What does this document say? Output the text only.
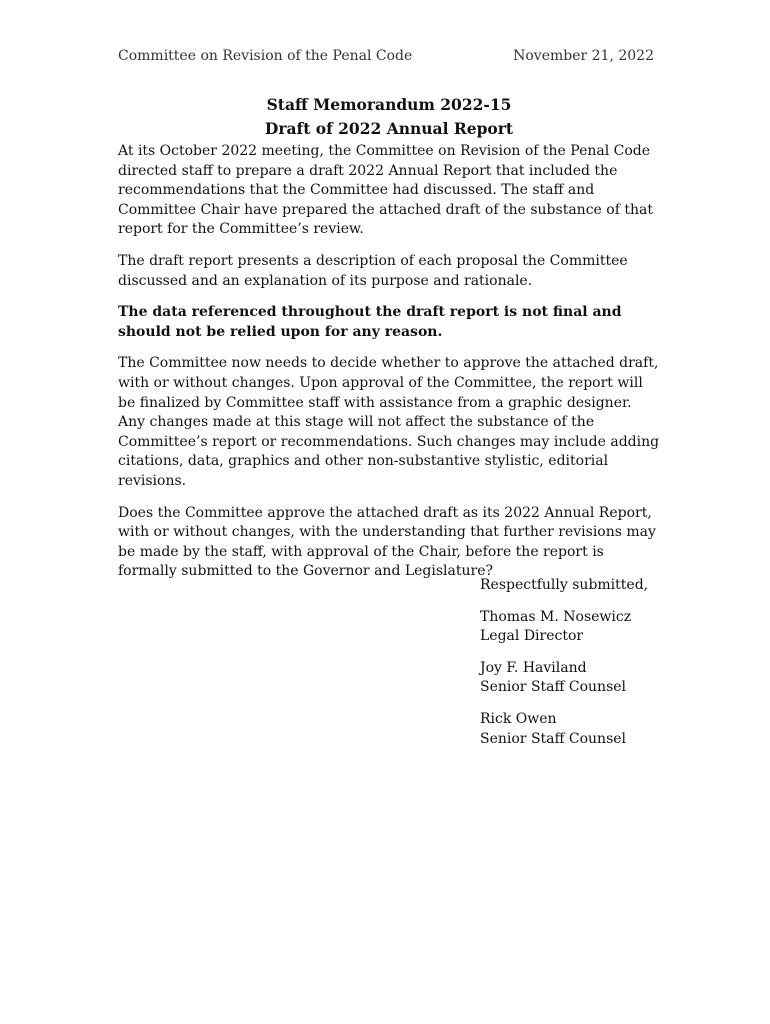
Committee on Revision of the Penal Code	November 21, 2022
Staff Memorandum 2022-15
Draft of 2022 Annual Report

At its October 2022 meeting, the Committee on Revision of the Penal Code directed staff to prepare a draft 2022 Annual Report that included the recommendations that the Committee had discussed. The staff and Committee Chair have prepared the attached draft of the substance of that report for the Committee’s review.

The draft report presents a description of each proposal the Committee discussed and an explanation of its purpose and rationale.

The data referenced throughout the draft report is not final and should not be relied upon for any reason.

The Committee now needs to decide whether to approve the attached draft, with or without changes. Upon approval of the Committee, the report will be finalized by Committee staff with assistance from a graphic designer. Any changes made at this stage will not affect the substance of the Committee’s report or recommendations. Such changes may include adding citations, data, graphics and other non-substantive stylistic, editorial revisions.

Does the Committee approve the attached draft as its 2022 Annual Report, with or without changes, with the understanding that further revisions may be made by the staff, with approval of the Chair, before the report is formally submitted to the Governor and Legislature?

Respectfully submitted,
Thomas M. Nosewicz
Legal Director
Joy F. Haviland
Senior Staff Counsel
Rick Owen
Senior Staff Counsel
